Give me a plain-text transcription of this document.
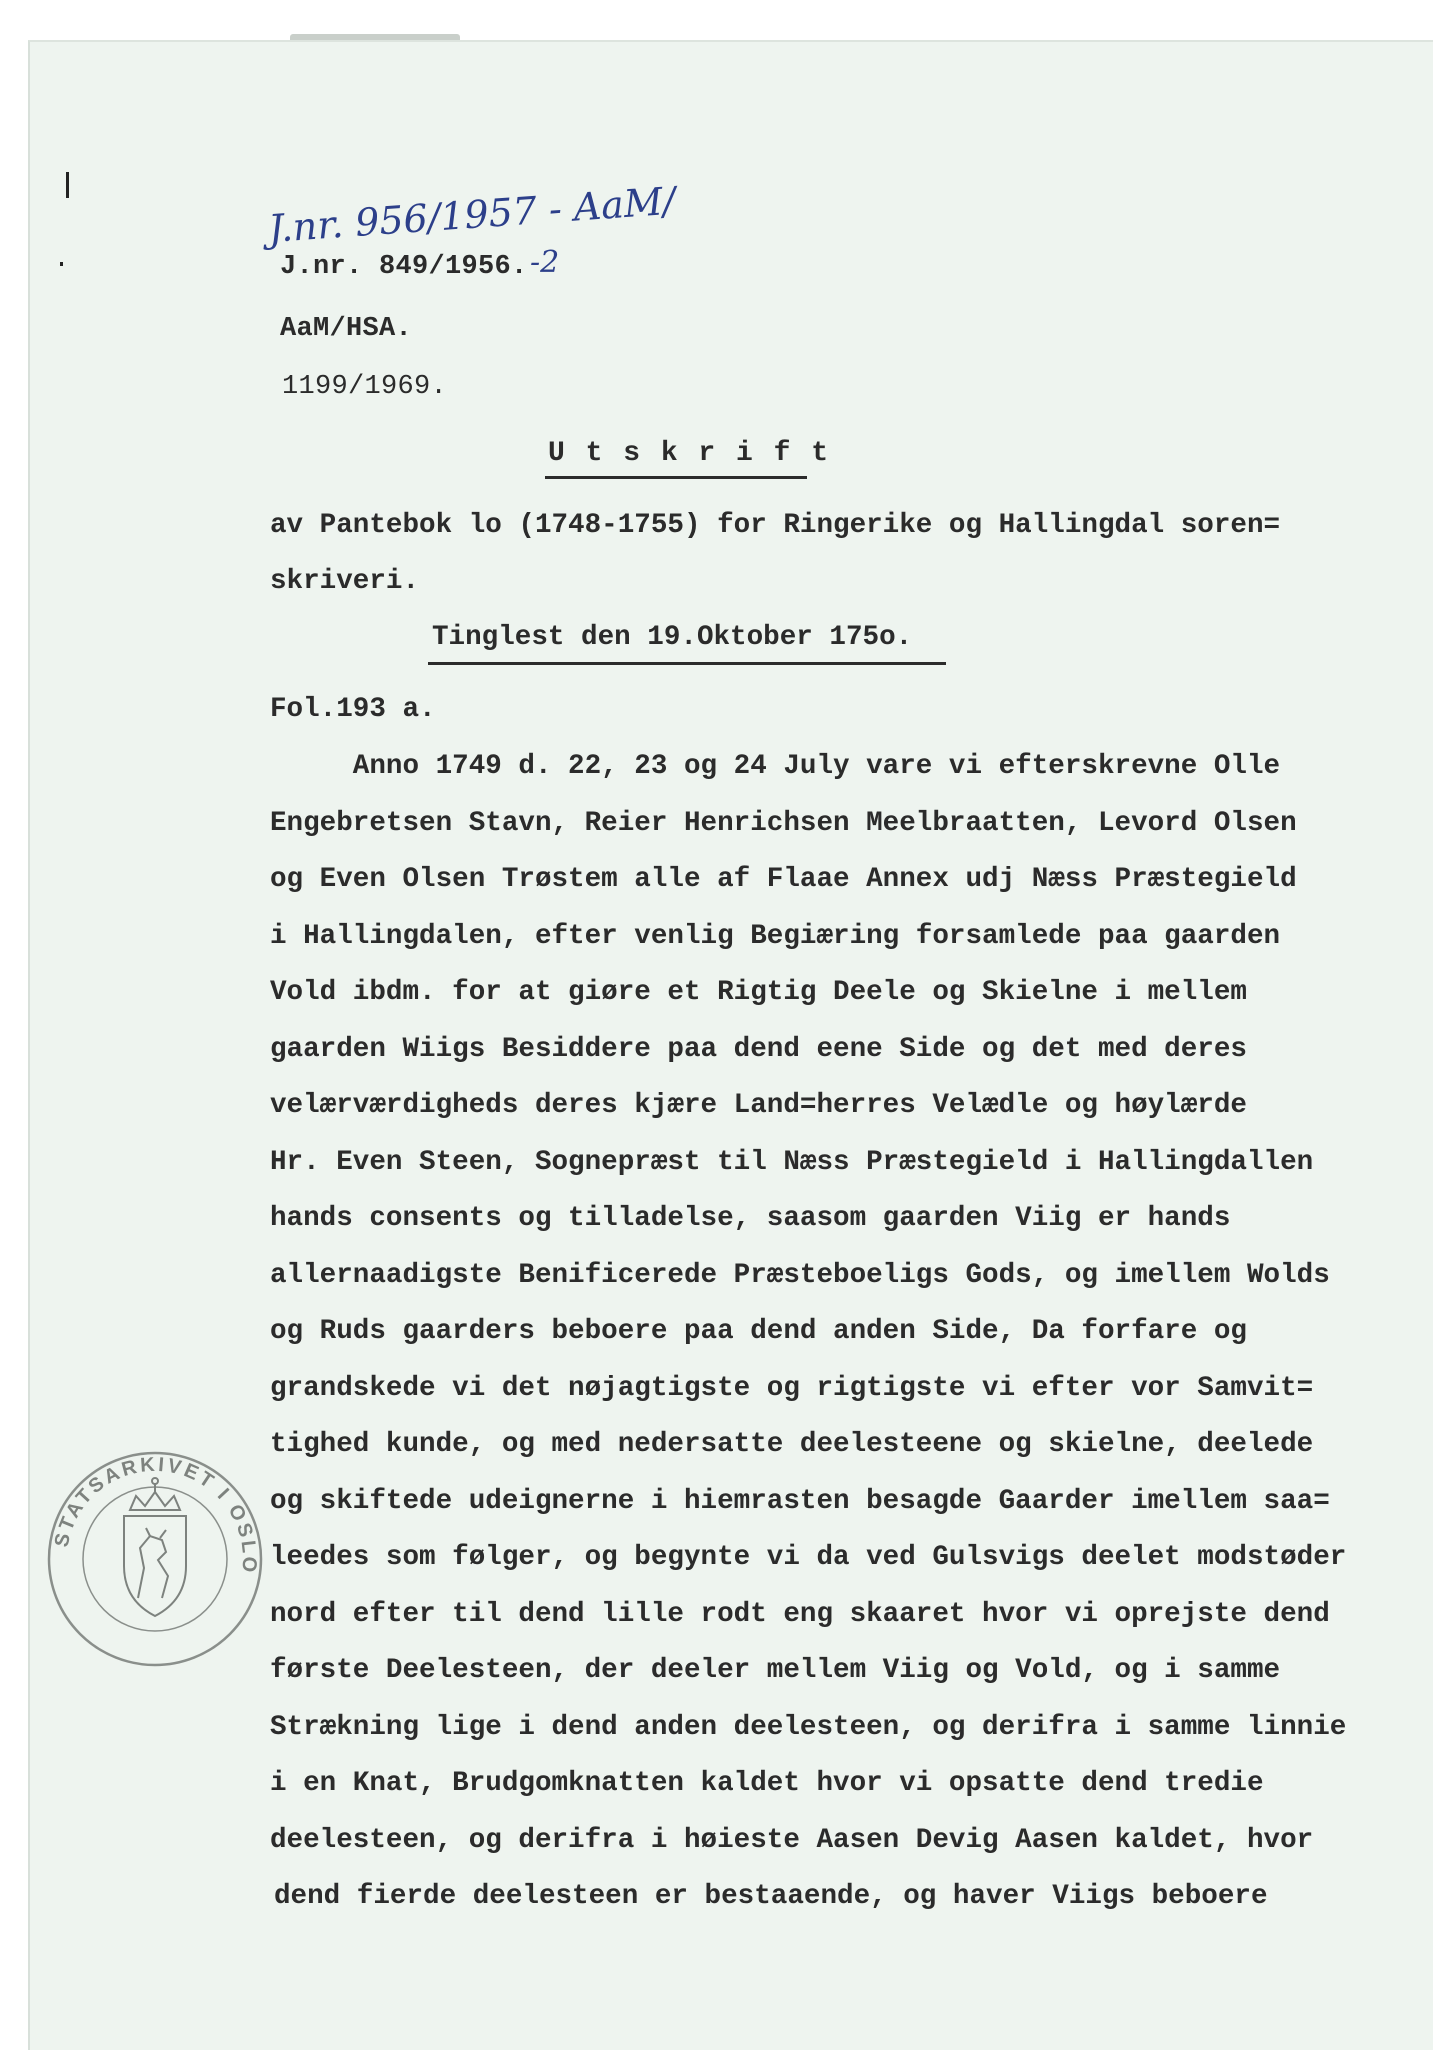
J.nr. 956/1957 - AaM/
J.nr. 849/1956. -2
AaM/HSA.
1199/1969.
U t s k r i f t
av Pantebok lo (1748-1755) for Ringerike og Hallingdal soren=
skriveri.
Tinglest den 19.Oktober 175o.
Fol.193 a.
Anno 1749 d. 22, 23 og 24 July vare vi efterskrevne Olle
Engebretsen Stavn, Reier Henrichsen Meelbraatten, Levord Olsen
og Even Olsen Trøstem alle af Flaae Annex udj Næss Præstegield
i Hallingdalen, efter venlig Begiæring forsamlede paa gaarden
Vold ibdm. for at giøre et Rigtig Deele og Skielne i mellem
gaarden Wiigs Besiddere paa dend eene Side og det med deres
velærværdigheds deres kjære Land=herres Velædle og høylærde
Hr. Even Steen, Sognepræst til Næss Præstegield i Hallingdallen
hands consents og tilladelse, saasom gaarden Viig er hands
allernaadigste Benificerede Præsteboeligs Gods, og imellem Wolds
og Ruds gaarders beboere paa dend anden Side, Da forfare og
grandskede vi det nøjagtigste og rigtigste vi efter vor Samvit=
tighed kunde, og med nedersatte deelesteene og skielne, deelede
og skiftede udeignerne i hiemrasten besagde Gaarder imellem saa=
leedes som følger, og begynte vi da ved Gulsvigs deelet modstøder
nord efter til dend lille rodt eng skaaret hvor vi oprejste dend
første Deelesteen, der deeler mellem Viig og Vold, og i samme
Strækning lige i dend anden deelesteen, og derifra i samme linnie
i en Knat, Brudgomknatten kaldet hvor vi opsatte dend tredie
deelesteen, og derifra i høieste Aasen Devig Aasen kaldet, hvor
dend fierde deelesteen er bestaaende, og haver Viigs beboere
STATSARKIVET I OSLO
